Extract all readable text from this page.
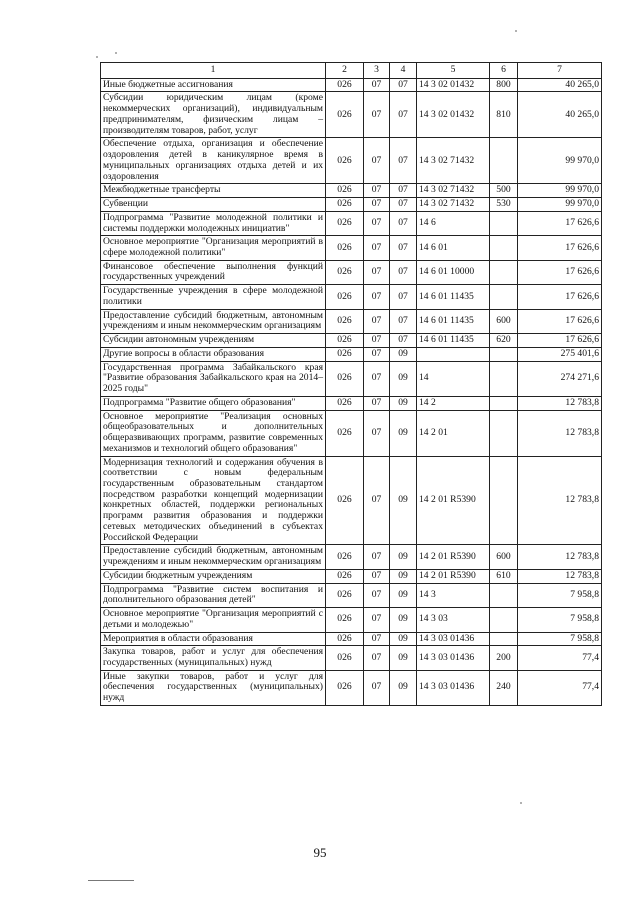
1	2	3	4	5	6	7
Иные бюджетные ассигнования	026	07	07	14 3 02 01432	800	40 265,0
Субсидии юридическим лицам (кроме некоммерческих организаций), индивидуальным предпринимателям, физическим лицам – производителям товаров, работ, услуг	026	07	07	14 3 02 01432	810	40 265,0
Обеспечение отдыха, организация и обеспечение оздоровления детей в каникулярное время в муниципальных организациях отдыха детей и их оздоровления	026	07	07	14 3 02 71432		99 970,0
Межбюджетные трансферты	026	07	07	14 3 02 71432	500	99 970,0
Субвенции	026	07	07	14 3 02 71432	530	99 970,0
Подпрограмма "Развитие молодежной политики и системы поддержки молодежных инициатив"	026	07	07	14 6		17 626,6
Основное мероприятие "Организация мероприятий в сфере молодежной политики"	026	07	07	14 6 01		17 626,6
Финансовое обеспечение выполнения функций государственных учреждений	026	07	07	14 6 01 10000		17 626,6
Государственные учреждения в сфере молодежной политики	026	07	07	14 6 01 11435		17 626,6
Предоставление субсидий бюджетным, автономным учреждениям и иным некоммерческим организациям	026	07	07	14 6 01 11435	600	17 626,6
Субсидии автономным учреждениям	026	07	07	14 6 01 11435	620	17 626,6
Другие вопросы в области образования	026	07	09			275 401,6
Государственная программа Забайкальского края "Развитие образования Забайкальского края на 2014–2025 годы"	026	07	09	14		274 271,6
Подпрограмма "Развитие общего образования"	026	07	09	14 2		12 783,8
Основное мероприятие "Реализация основных общеобразовательных и дополнительных общеразвивающих программ, развитие современных механизмов и технологий общего образования"	026	07	09	14 2 01		12 783,8
Модернизация технологий и содержания обучения в соответствии с новым федеральным государственным образовательным стандартом посредством разработки концепций модернизации конкретных областей, поддержки региональных программ развития образования и поддержки сетевых методических объединений в субъектах Российской Федерации	026	07	09	14 2 01 R5390		12 783,8
Предоставление субсидий бюджетным, автономным учреждениям и иным некоммерческим организациям	026	07	09	14 2 01 R5390	600	12 783,8
Субсидии бюджетным учреждениям	026	07	09	14 2 01 R5390	610	12 783,8
Подпрограмма "Развитие систем воспитания и дополнительного образования детей"	026	07	09	14 3		7 958,8
Основное мероприятие "Организация мероприятий с детьми и молодежью"	026	07	09	14 3 03		7 958,8
Мероприятия в области образования	026	07	09	14 3 03 01436		7 958,8
Закупка товаров, работ и услуг для обеспечения государственных (муниципальных) нужд	026	07	09	14 3 03 01436	200	77,4
Иные закупки товаров, работ и услуг для обеспечения государственных (муниципальных) нужд	026	07	09	14 3 03 01436	240	77,4
95
